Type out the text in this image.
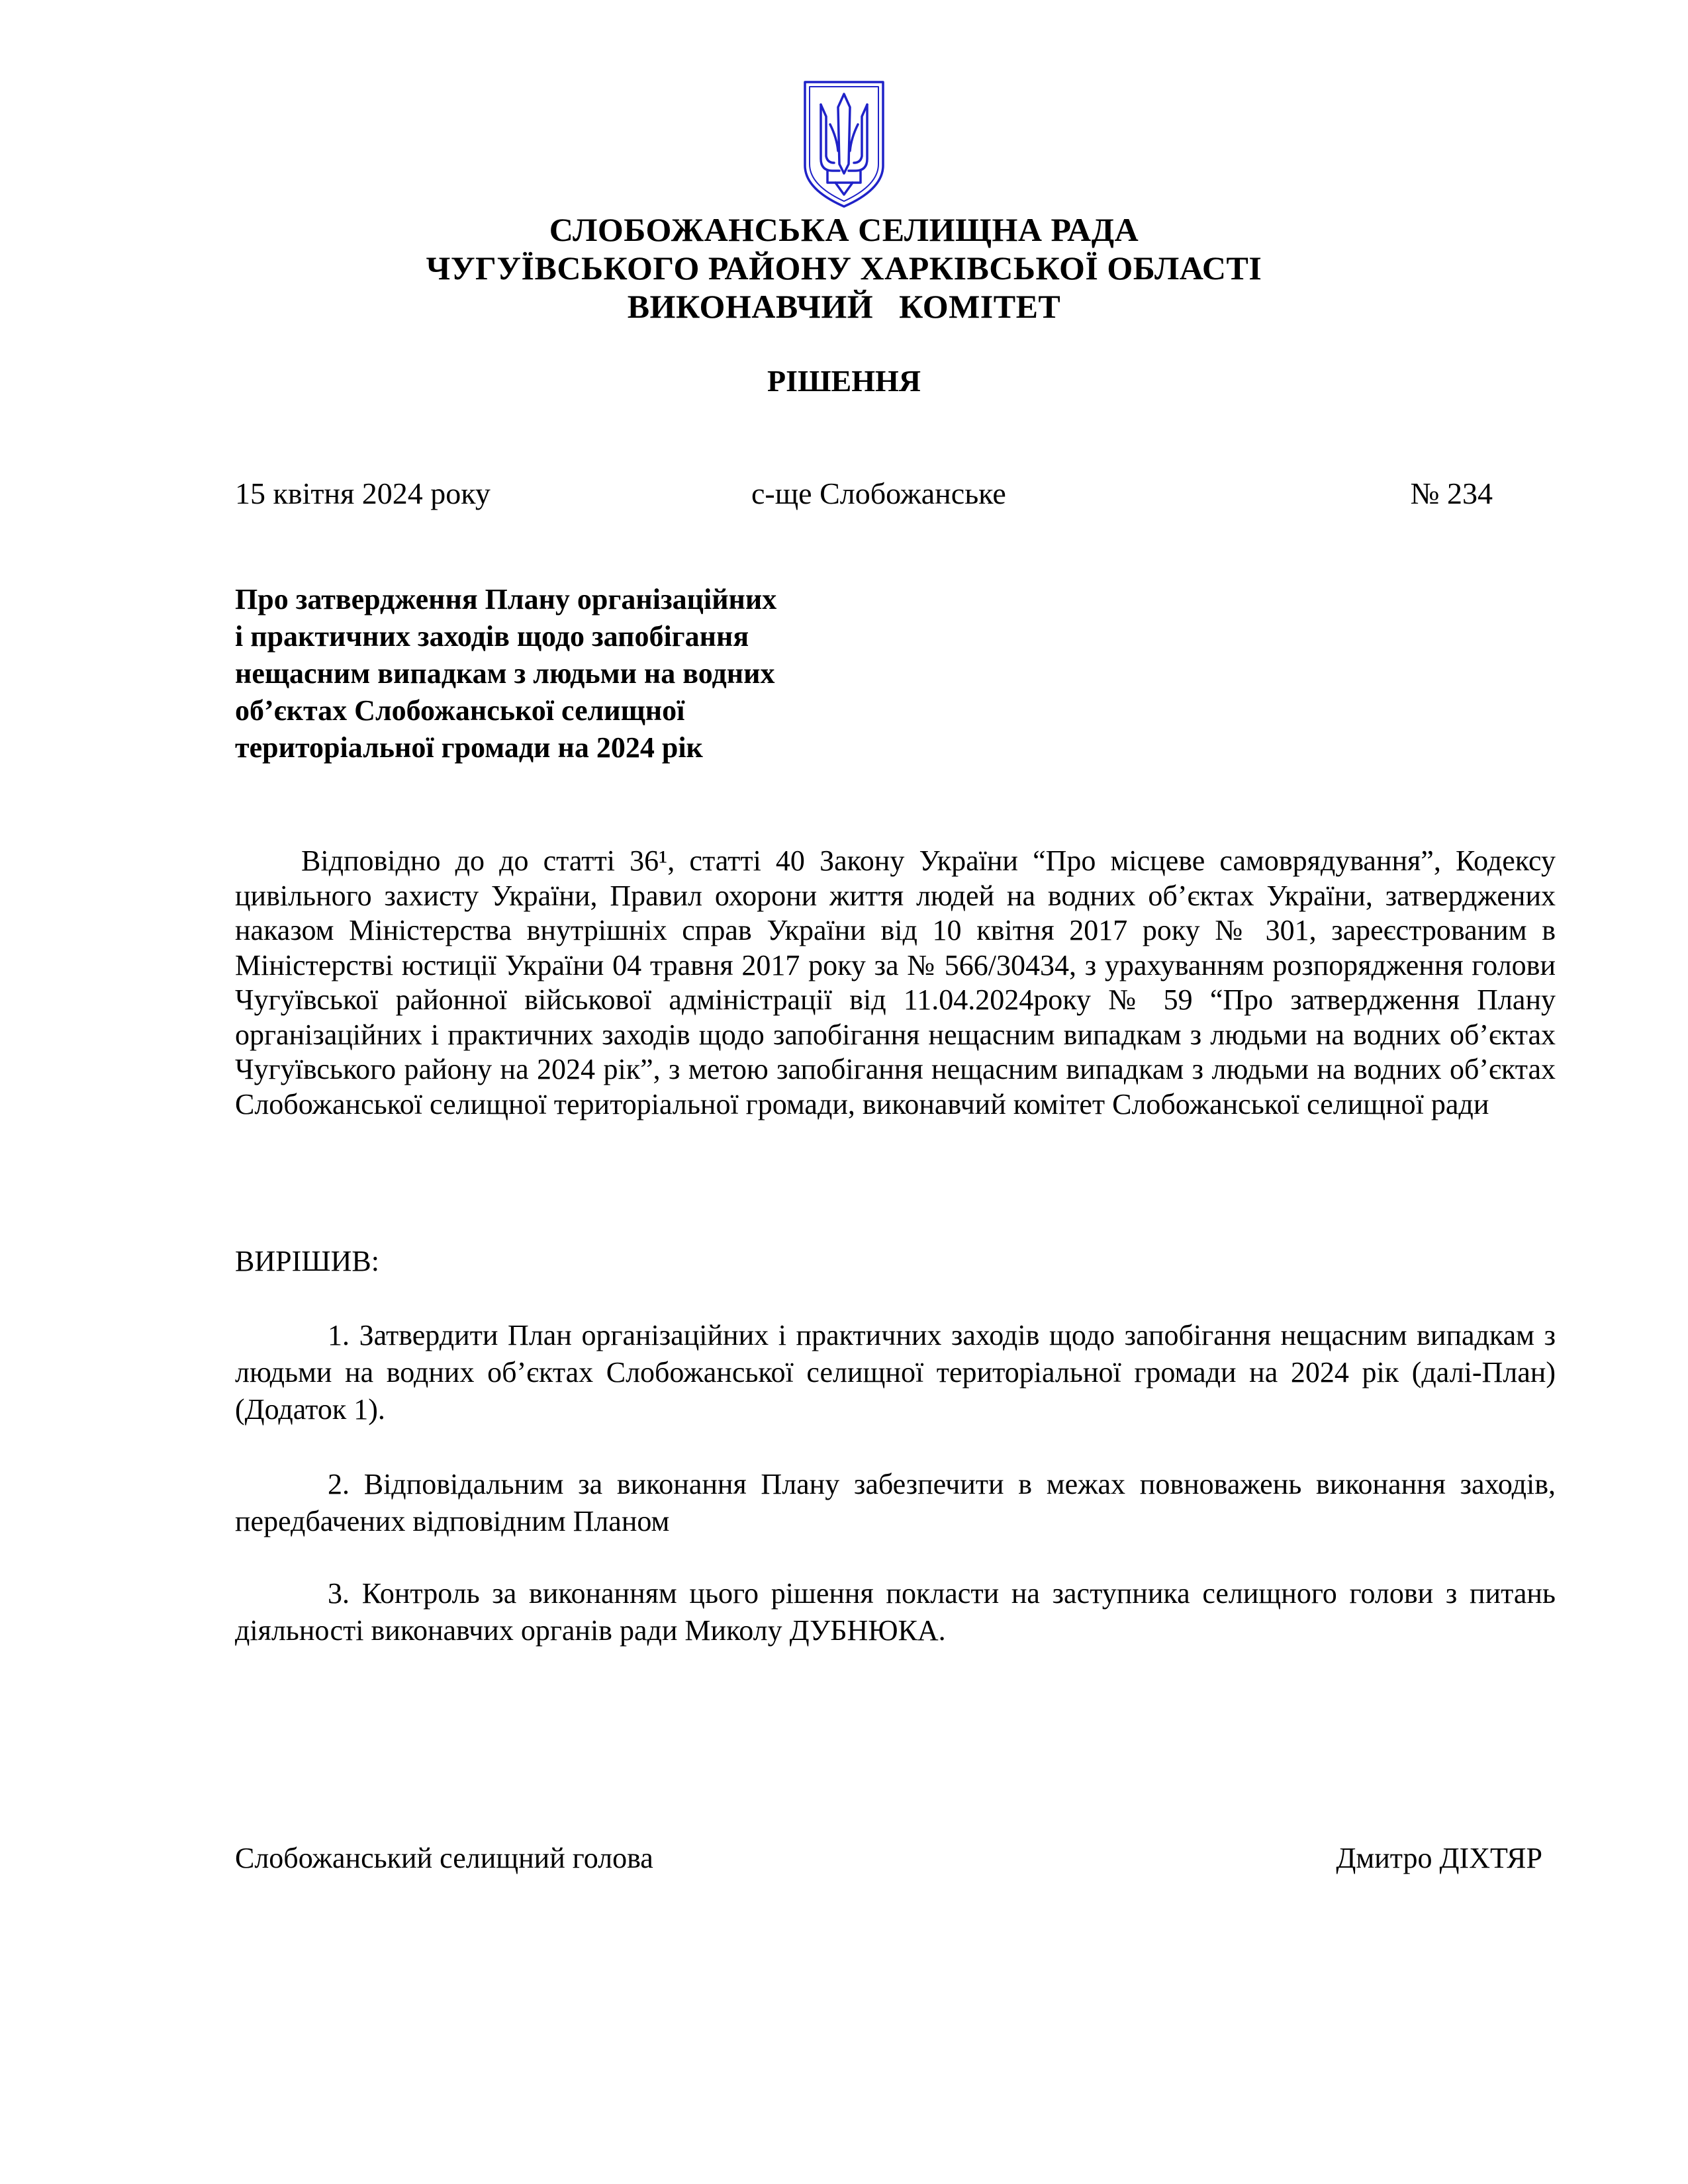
СЛОБОЖАНСЬКА СЕЛИЩНА РАДА
ЧУГУЇВСЬКОГО РАЙОНУ ХАРКІВСЬКОЇ ОБЛАСТІ
ВИКОНАВЧИЙ   КОМІТЕТ
РІШЕННЯ
15 квітня 2024 року	с-ще Слобожанське	№ 234
Про затвердження Плану організаційних
і практичних заходів щодо запобігання
нещасним випадкам з людьми на водних
об’єктах Слобожанської селищної
територіальної громади на 2024 рік
Відповідно до до статті 36¹, статті 40 Закону України “Про місцеве самоврядування”, Кодексу цивільного захисту України, Правил охорони життя людей на водних об’єктах України, затверджених наказом Міністерства внутрішніх справ України від 10 квітня 2017 року № 301, зареєстрованим в Міністерстві юстиції України 04 травня 2017 року за № 566/30434, з урахуванням розпорядження голови Чугуївської районної військової адміністрації від 11.04.2024року № 59 “Про затвердження Плану організаційних і практичних заходів щодо запобігання нещасним випадкам з людьми на водних об’єктах Чугуївського району на 2024 рік”, з метою запобігання нещасним випадкам з людьми на водних об’єктах Слобожанської селищної територіальної громади, виконавчий комітет Слобожанської селищної ради
ВИРІШИВ:
1. Затвердити План організаційних і практичних заходів щодо запобігання нещасним випадкам з людьми на водних об’єктах Слобожанської селищної територіальної громади на 2024 рік (далі-План) (Додаток 1).
2. Відповідальним за виконання Плану забезпечити в межах повноважень виконання заходів, передбачених відповідним Планом
3. Контроль за виконанням цього рішення покласти на заступника селищного голови з питань діяльності виконавчих органів ради Миколу ДУБНЮКА.
Слобожанський селищний голова	Дмитро ДІХТЯР
